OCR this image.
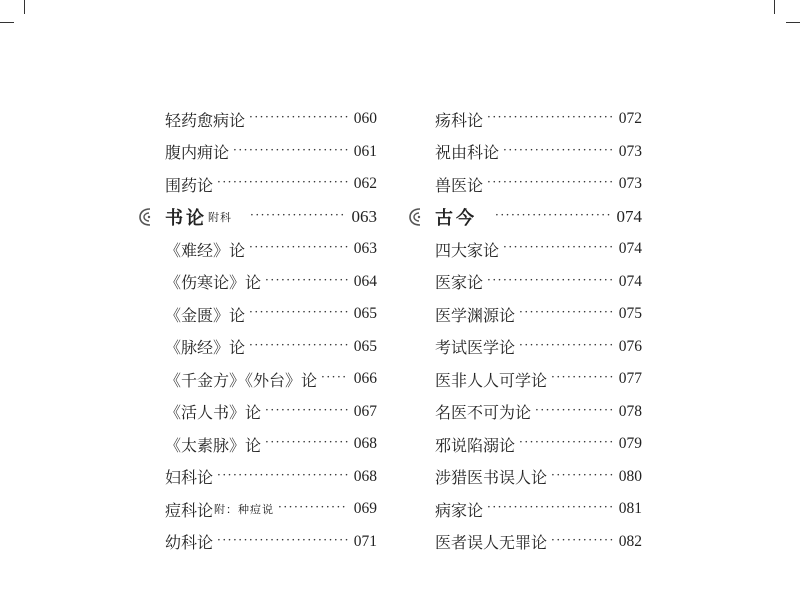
轻药愈病论 ·····	060
腹内痈论 ·····	061
围药论 ·····	062
书论 附科 ·····	063
《难经》论 ·····	063
《伤寒论》论 ·····	064
《金匮》论 ·····	065
《脉经》论 ·····	065
《千金方》《外台》论 ····· 066
《活人书》论 ·····	067
《太素脉》论 ·····	068
妇科论 ·····	068
痘科论 附：种痘说 ·····	069
幼科论 ·····	071
疡科论 ·····	072
祝由科论 ·····	073
兽医论 ·····	073
古今 ·····	074
四大家论 ·····	074
医家论 ·····	074
医学渊源论 ·····	075
考试医学论 ·····	076
医非人人可学论 ·····	077
名医不可为论 ·····	078
邪说陷溺论 ·····	079
涉猎医书误人论 ·····	080
病家论 ·····	081
医者误人无罪论 ·····	082
